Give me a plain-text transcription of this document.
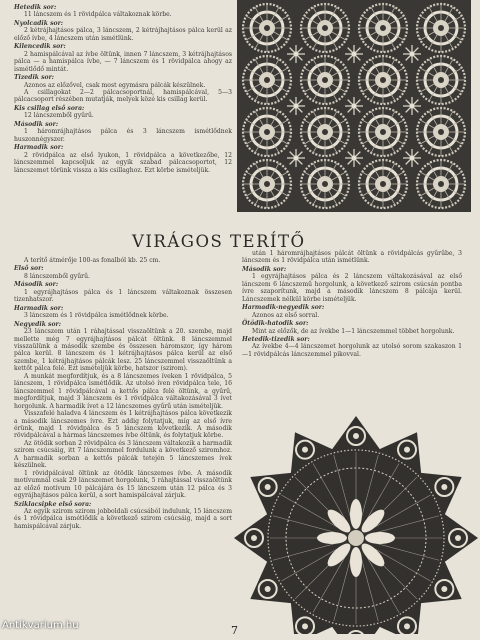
Hetedik sor:
11 láncszem és 1 rövidpálca váltakoznak körbe.
Nyolcadik sor:
2 kétrájhajtásos pálca, 3 láncszem, 2 kétrájhajtásos pálca kerül az előző ívbe, 4 láncszem után ismétlünk.
Kilencedik sor:
2 hamispálcával az ívbe öltünk, innen 7 láncszem, 3 kétrájhajtásos pálca — a hamispálca ívbe, — 7 láncszem és 1 rövidpálca ahogy az ismétlődő mintát.
Tizedik sor:
Azonos az előzővel, csak most egymásra pálcák készülnek.
A csillagokat 2—2 pálcacsoportnál, hamispálcával, 5—3 pálcacsoport részében mutatják, melyek közé kis csillag kerül.
Kis csillag első sora:
12 láncszemből gyűrű.
Második sor:
1 háromrájhajtásos pálca és 3 láncszem ismétlődnek huszonnégyszer.
Harmadik sor:
2 rövidpálca az első lyukon, 1 rövidpálca a következőbe, 12 láncszemmel kapcsoljuk az egyik szabad pálcacsoportot, 12 láncszemet törünk vissza a kis csillaghoz. Ezt körbe ismételjük.
VIRÁGOS TERÍTŐ
A terítő átmérője 100-as fonalból kb. 25 cm.
Első sor:
8 láncszemből gyűrű.
Második sor:
1 egyrájhajtásos pálca és 1 láncszem váltakoznak összesen tizenhatszor.
Harmadik sor:
3 láncszem és 1 rövidpálca ismétlődnek körbe.
Negyedik sor:
23 láncszem után 1 ráhajtással visszaöltünk a 20. szembe, majd mellette még 7 egyrájhajtásos pálcát öltünk. 8 láncszemmel visszaülünk a második szembe és összesen háromszor, így három pálca kerül. 8 láncszem és 1 kétrájhajtásos pálca kerül az első szembe, 1 kétrájhajtásos pálcák lesz. 25 láncszemmel visszaöltünk a kettőt pálca felé. Ezt ismételjük körbe, hatszor (szirom).
A munkát megfordítjuk, és a 8 láncszemes íveken 1 rövidpálca, 5 láncszem, 1 rövidpálca ismétlődik. Az utolsó íven rövidpálca tele, 16 láncszemmel 1 rövidpálcával a kettős pálca felé öltünk, a gyűrű, megfordítjuk, majd 3 láncszem és 1 rövidpálca váltakozásával 3 ívet horgolunk. A harmadik ívet a 12 láncszemes gyűrű után ismételjük.
Visszafelé haladva 4 láncszem és 1 kétrájhajtásos pálca következik a második láncszemes ívre. Ezt addig folytatjuk, míg az első ívre érünk, majd 1 rövidpálca és 5 láncszem következik. A második rövidpálcával a hármas láncszemes ívbe öltünk, és folytatjuk körbe.
Az ötödik sorban 2 rövidpálca és 3 láncszem váltakozik a harmadik szirom csúcsáig, itt 7 láncszemmel fordulunk a következő sziromhoz. A harmadik sorban a kettős pálcák tetején 5 láncszemes ívek készülnek.
1 rövidpálcával öltünk az ötödik láncszemes ívbe. A második motívumnál csak 29 láncszemet horgolunk, 5 ráhajtással visszaöltünk az előző motívum 10 pálcájára és 15 láncszem után 12 pálca és 3 egyrájhajtásos pálca kerül, a sort hamispálcával zárjuk.
Sziklacsipke első sora:
Az egyik szirom szirom jobboldali csúcsából indulunk, 15 láncszem és 1 rövidpálca ismétlődik a következő szirom csúcsáig, majd a sort hamispálcával zárjuk.
után 1 háromrájhajtásos pálcát öltünk a rövidpálcás gyűrűbe, 3 láncszem és 1 rövidpálca után ismétlünk.
Második sor:
1 egyrájhajtásos pálca és 2 láncszem váltakozásával az első láncszem 6 láncszemű horgolunk, a következő szirom csúcsán pontba ívre szaporítunk, majd a második láncszem 8 pálcája kerül. Láncszemek nélkül körbe ismételjük.
Harmadik-negyedik sor:
Azonos az első sorral.
Ötödik-hatodik sor:
Mint az előzők, de az ívekbe 1—1 láncszemmel többet horgolunk.
Hetedik-tizedik sor:
Az ívekbe 4—4 láncszemet horgolunk az utolsó sorom szakaszon 1—1 rövidpálcás láncszemmel pikovval.
Antikvarium.hu	7
